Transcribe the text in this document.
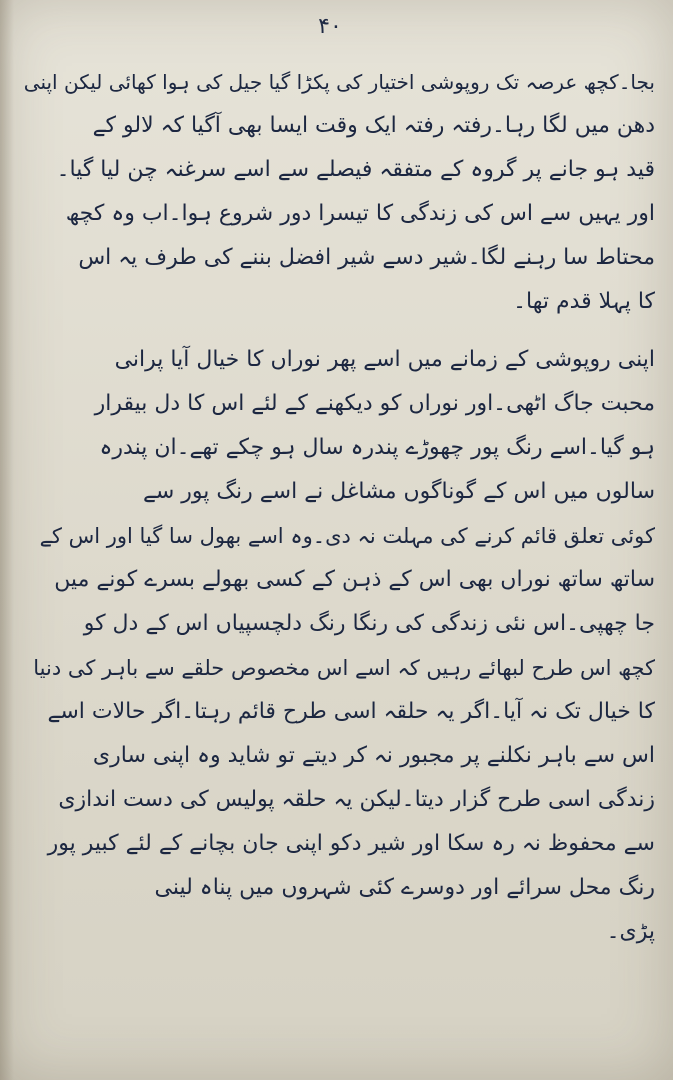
۴۰
بجا۔کچھ عرصہ تک روپوشی اختیار کی پکڑا گیا جیل کی ہوا کھائی لیکن اپنی
دھن میں لگا رہا۔رفتہ رفتہ ایک وقت ایسا بھی آگیا کہ لالو کے
قید ہو جانے پر گروہ کے متفقہ فیصلے سے اسے سرغنہ چن لیا گیا۔
اور یہیں سے اس کی زندگی کا تیسرا دور شروع ہوا۔اب وہ کچھ
محتاط سا رہنے لگا۔شیر دسے شیر افضل بننے کی طرف یہ اس
کا پہلا قدم تھا۔
اپنی روپوشی کے زمانے میں اسے پھر نوراں کا خیال آیا پرانی
محبت جاگ اٹھی۔اور نوراں کو دیکھنے کے لئے اس کا دل بیقرار
ہو گیا۔اسے رنگ پور چھوڑے پندرہ سال ہو چکے تھے۔ان پندرہ
سالوں میں اس کے گوناگوں مشاغل نے اسے رنگ پور سے
کوئی تعلق قائم کرنے کی مہلت نہ دی۔وہ اسے بھول سا گیا اور اس کے
ساتھ ساتھ نوراں بھی اس کے ذہن کے کسی بھولے بسرے کونے میں
جا چھپی۔اس نئی زندگی کی رنگا رنگ دلچسپیاں اس کے دل کو
کچھ اس طرح لبھائے رہیں کہ اسے اس مخصوص حلقے سے باہر کی دنیا
کا خیال تک نہ آیا۔اگر یہ حلقہ اسی طرح قائم رہتا۔اگر حالات اسے
اس سے باہر نکلنے پر مجبور نہ کر دیتے تو شاید وہ اپنی ساری
زندگی اسی طرح گزار دیتا۔لیکن یہ حلقہ پولیس کی دست اندازی
سے محفوظ نہ رہ سکا اور شیر دکو اپنی جان بچانے کے لئے کبیر پور
رنگ محل سرائے اور دوسرے کئی شہروں میں پناہ لینی
پڑی۔
